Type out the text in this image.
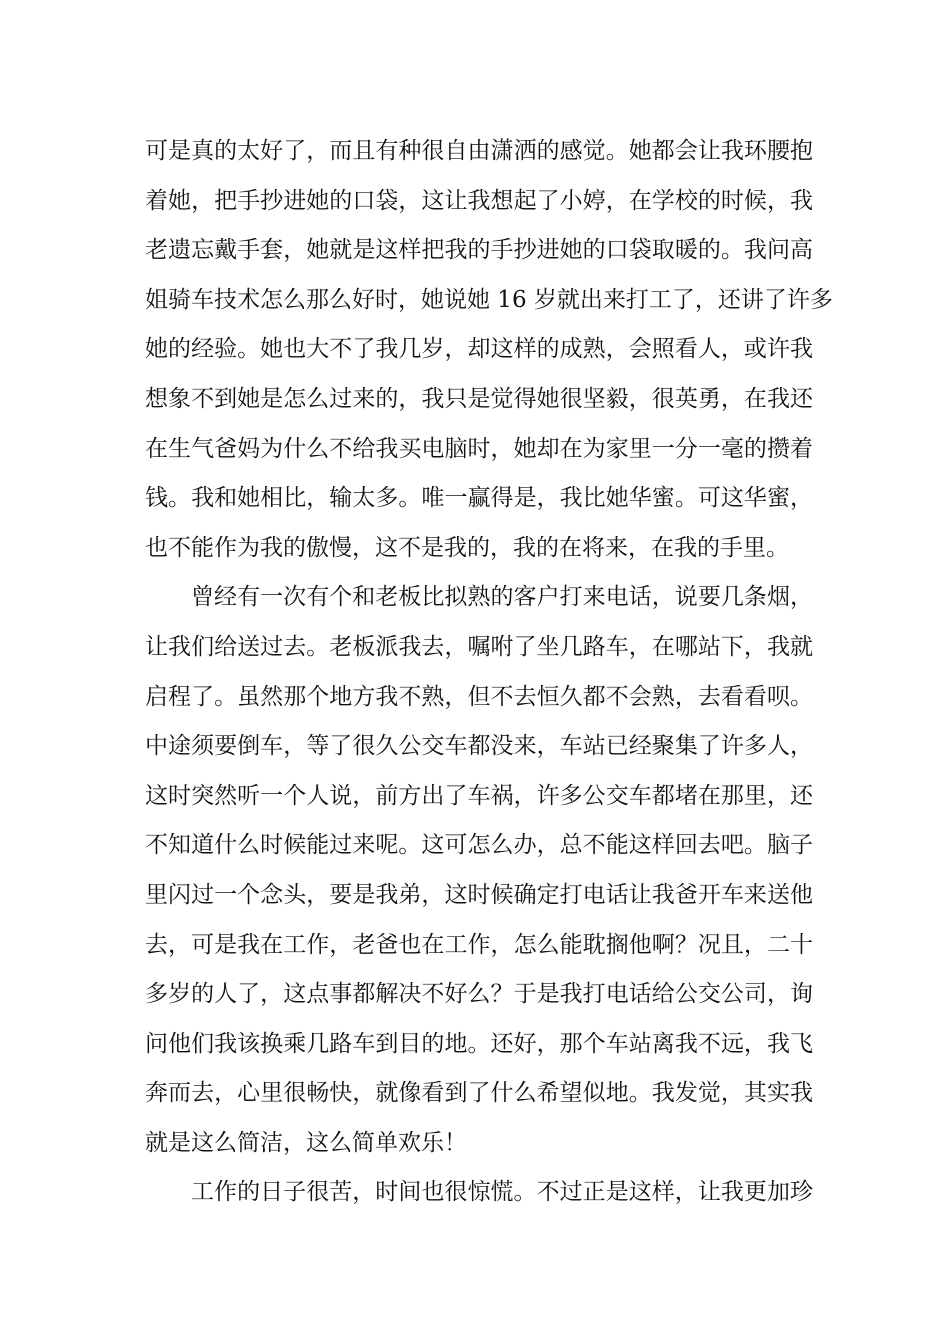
可是真的太好了，而且有种很自由潇洒的感觉。她都会让我环腰抱
着她，把手抄进她的口袋，这让我想起了小婷，在学校的时候，我
老遗忘戴手套，她就是这样把我的手抄进她的口袋取暖的。我问高
姐骑车技术怎么那么好时，她说她 16 岁就出来打工了，还讲了许多
她的经验。她也大不了我几岁，却这样的成熟，会照看人，或许我
想象不到她是怎么过来的，我只是觉得她很坚毅，很英勇，在我还
在生气爸妈为什么不给我买电脑时，她却在为家里一分一毫的攒着
钱。我和她相比，输太多。唯一赢得是，我比她华蜜。可这华蜜，
也不能作为我的傲慢，这不是我的，我的在将来，在我的手里。
曾经有一次有个和老板比拟熟的客户打来电话，说要几条烟，
让我们给送过去。老板派我去，嘱咐了坐几路车，在哪站下，我就
启程了。虽然那个地方我不熟，但不去恒久都不会熟，去看看呗。
中途须要倒车，等了很久公交车都没来，车站已经聚集了许多人，
这时突然听一个人说，前方出了车祸，许多公交车都堵在那里，还
不知道什么时候能过来呢。这可怎么办，总不能这样回去吧。脑子
里闪过一个念头，要是我弟，这时候确定打电话让我爸开车来送他
去，可是我在工作，老爸也在工作，怎么能耽搁他啊？况且，二十
多岁的人了，这点事都解决不好么？于是我打电话给公交公司，询
问他们我该换乘几路车到目的地。还好，那个车站离我不远，我飞
奔而去，心里很畅快，就像看到了什么希望似地。我发觉，其实我
就是这么简洁，这么简单欢乐！
工作的日子很苦，时间也很惊慌。不过正是这样，让我更加珍
